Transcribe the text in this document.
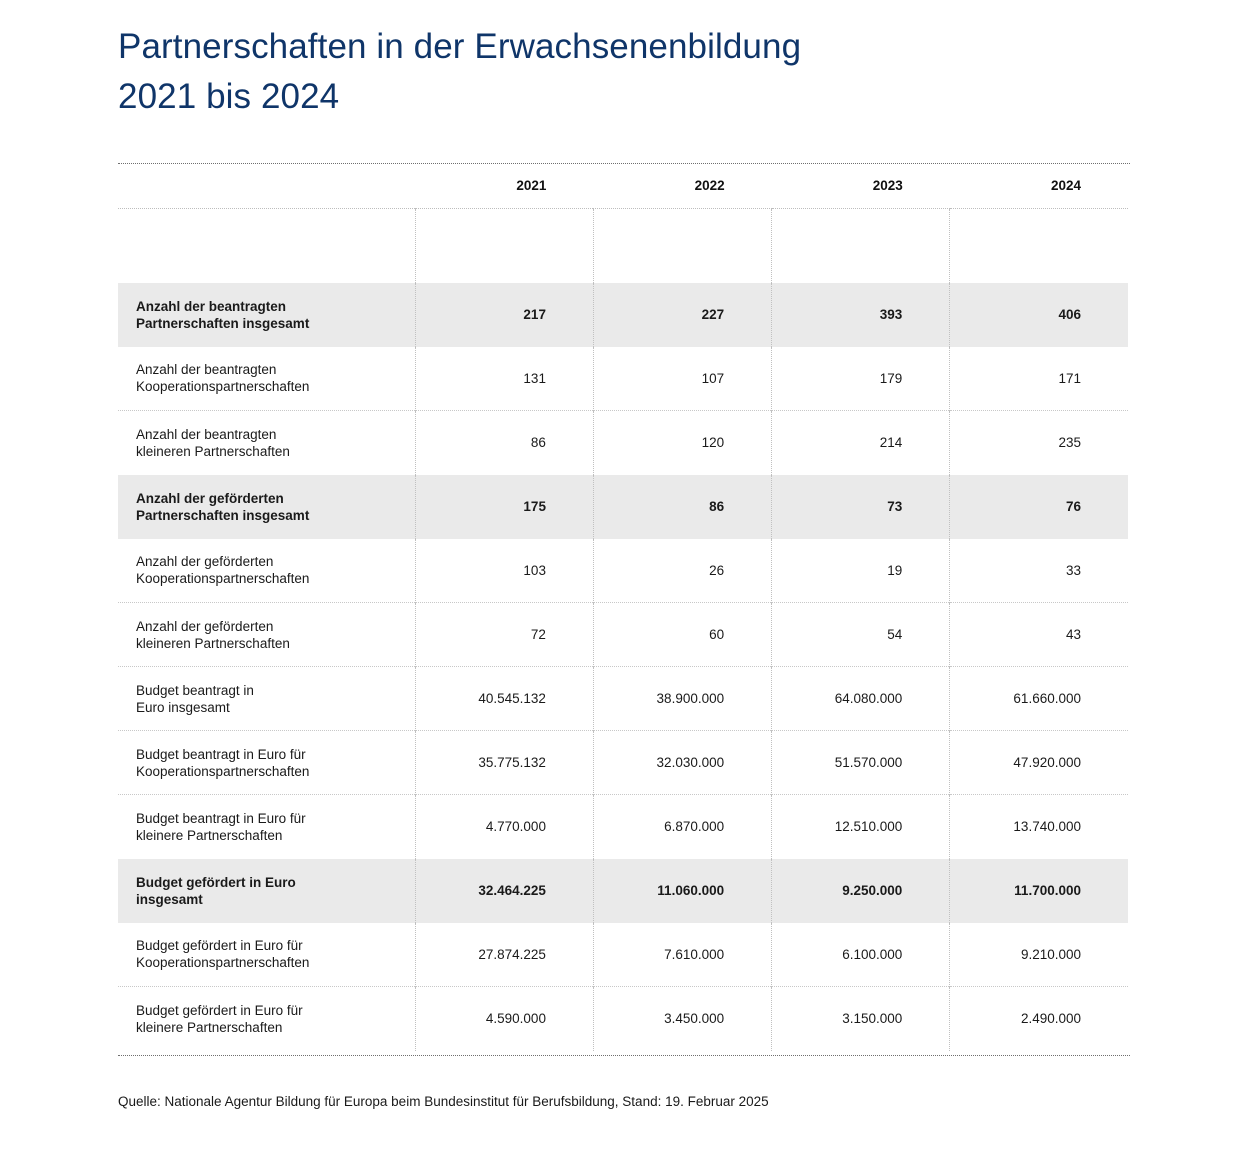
Partnerschaften in der Erwachsenenbildung
2021 bis 2024
	2021	2022	2023	2024

Anzahl der beantragten
Partnerschaften insgesamt	217	227	393	406

Anzahl der beantragten
Kooperationspartnerschaften	131	107	179	171

Anzahl der beantragten
kleineren Partnerschaften	86	120	214	235

Anzahl der geförderten
Partnerschaften insgesamt	175	86	73	76

Anzahl der geförderten
Kooperationspartnerschaften	103	26	19	33

Anzahl der geförderten
kleineren Partnerschaften	72	60	54	43

Budget beantragt in
Euro insgesamt	40.545.132	38.900.000	64.080.000	61.660.000

Budget beantragt in Euro für
Kooperationspartnerschaften	35.775.132	32.030.000	51.570.000	47.920.000

Budget beantragt in Euro für
kleinere Partnerschaften	4.770.000	6.870.000	12.510.000	13.740.000

Budget gefördert in Euro
insgesamt	32.464.225	11.060.000	9.250.000	11.700.000

Budget gefördert in Euro für
Kooperationspartnerschaften	27.874.225	7.610.000	6.100.000	9.210.000

Budget gefördert in Euro für
kleinere Partnerschaften	4.590.000	3.450.000	3.150.000	2.490.000
Quelle: Nationale Agentur Bildung für Europa beim Bundesinstitut für Berufsbildung, Stand: 19. Februar 2025
